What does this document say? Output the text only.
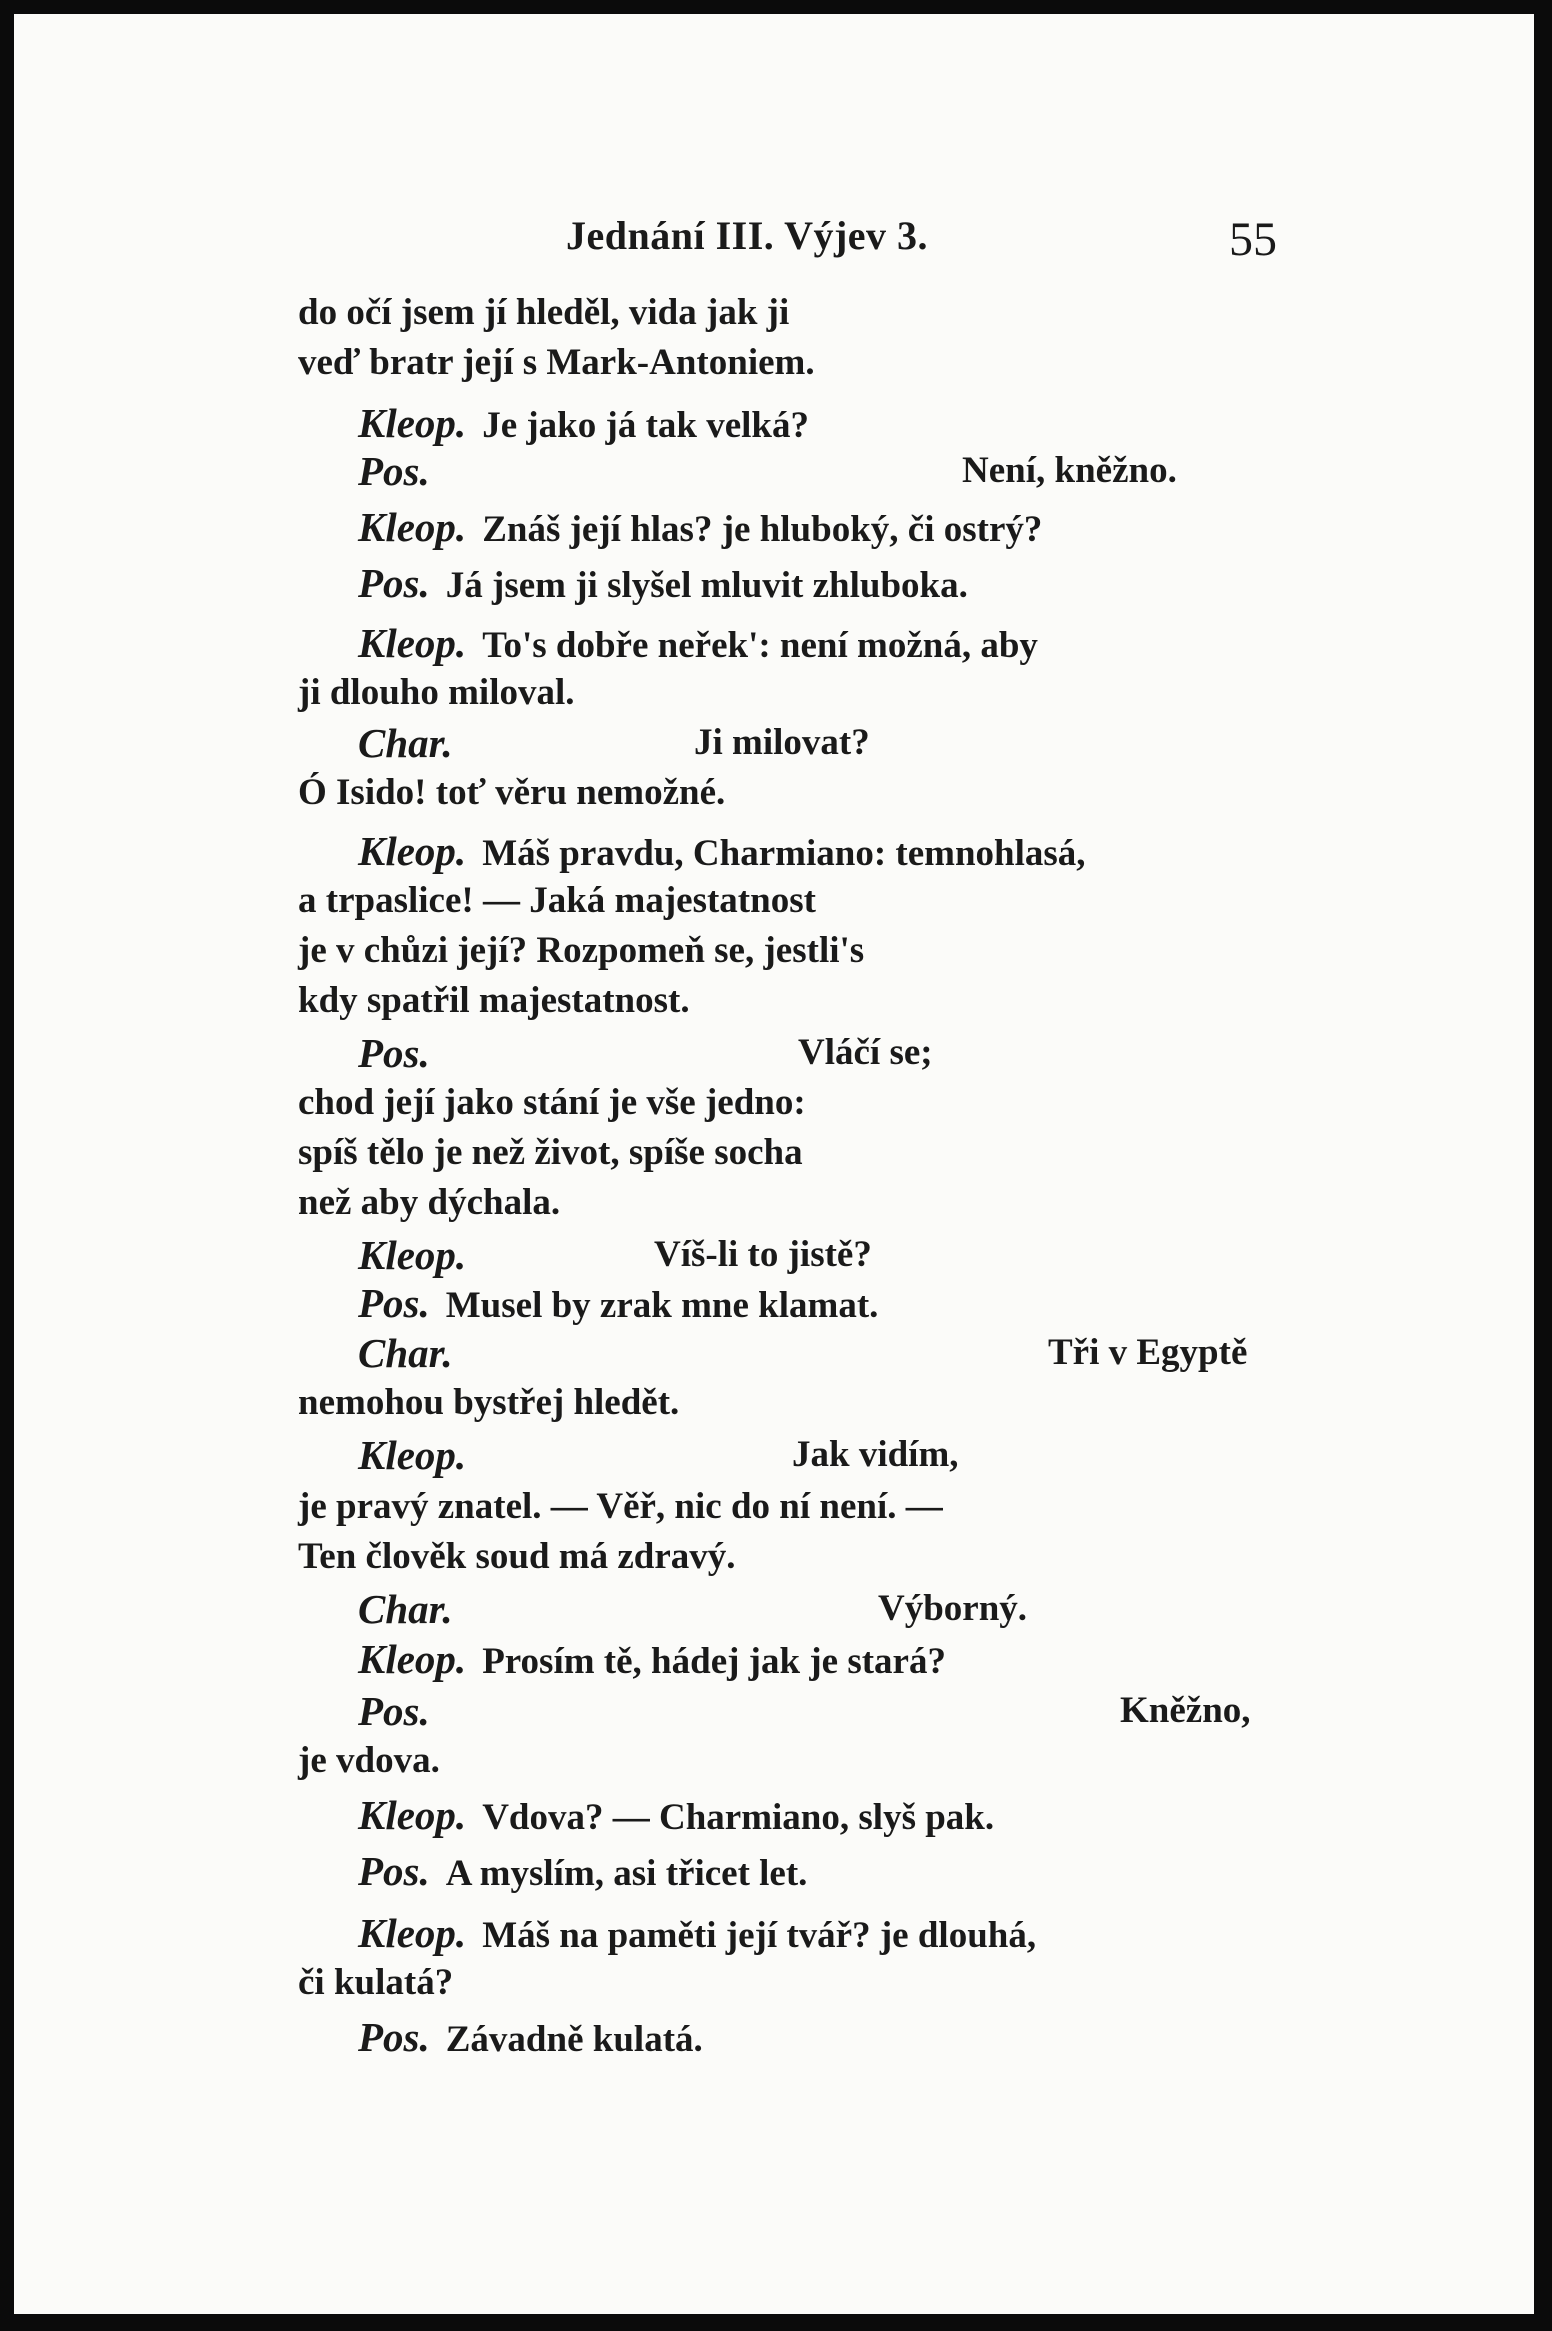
Jednání III. Výjev 3.	55
do očí jsem jí hleděl, vida jak ji
veď bratr její s Mark-Antoniem.
Kleop. Je jako já tak velká?
Pos.	Není, kněžno.
Kleop. Znáš její hlas? je hluboký, či ostrý?
Pos. Já jsem ji slyšel mluvit zhluboka.
Kleop. To's dobře neřek': není možná, aby
ji dlouho miloval.
Char.	Ji milovat?
Ó Isido! toť věru nemožné.
Kleop. Máš pravdu, Charmiano: temnohlasá,
a trpaslice! — Jaká majestatnost
je v chůzi její? Rozpomeň se, jestli's
kdy spatřil majestatnost.
Pos.	Vláčí se;
chod její jako stání je vše jedno:
spíš tělo je než život, spíše socha
než aby dýchala.
Kleop.	Víš-li to jistě?
Pos. Musel by zrak mne klamat.
Char.	Tři v Egyptě
nemohou bystřej hledět.
Kleop.	Jak vidím,
je pravý znatel. — Věř, nic do ní není. —
Ten člověk soud má zdravý.
Char.	Výborný.
Kleop. Prosím tě, hádej jak je stará?
Pos.	Kněžno,
je vdova.
Kleop. Vdova? — Charmiano, slyš pak.
Pos. A myslím, asi třicet let.
Kleop. Máš na paměti její tvář? je dlouhá,
či kulatá?
Pos. Závadně kulatá.
